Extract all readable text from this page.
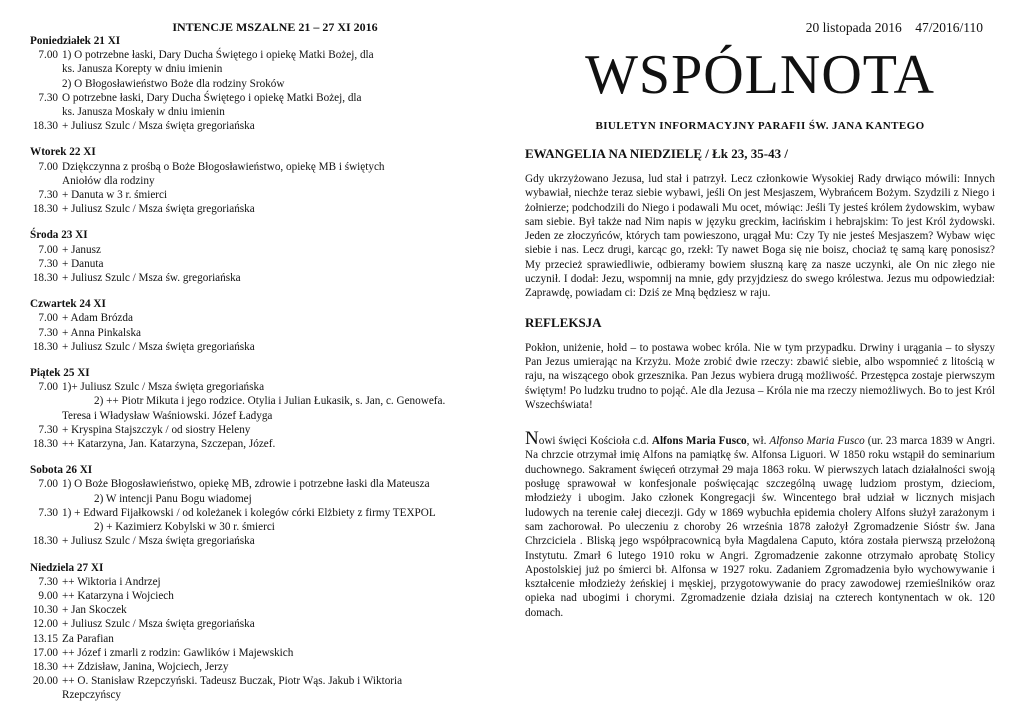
INTENCJE MSZALNE 21 – 27 XI 2016
Poniedziałek 21 XI
7.00 1) O potrzebne łaski, Dary Ducha Świętego i opiekę Matki Bożej, dla
ks. Janusza Korepty w dniu imienin
2) O Błogosławieństwo Boże dla rodziny Sroków
7.30 O potrzebne łaski, Dary Ducha Świętego i opiekę Matki Bożej, dla
ks. Janusza Moskały w dniu imienin
18.30 + Juliusz Szulc / Msza święta gregoriańska
Wtorek 22 XI
7.00 Dziękczynna z prośbą o Boże Błogosławieństwo, opiekę MB i świętych
Aniołów dla rodziny
7.30 + Danuta w 3 r. śmierci
18.30 + Juliusz Szulc / Msza święta gregoriańska
Środa 23 XI
7.00 + Janusz
7.30 + Danuta
18.30 + Juliusz Szulc / Msza św. gregoriańska
Czwartek 24 XI
7.00 + Adam Brózda
7.30 + Anna Pinkalska
18.30 + Juliusz Szulc / Msza święta gregoriańska
Piątek 25 XI
7.00 1)+ Juliusz Szulc / Msza święta gregoriańska
2) ++ Piotr Mikuta i jego rodzice. Otylia i Julian Łukasik, s. Jan, c. Genowefa.
Teresa i Władysław Waśniowski. Józef Ładyga
7.30 + Kryspina Stajszczyk / od siostry Heleny
18.30 ++ Katarzyna, Jan. Katarzyna, Szczepan, Józef.
Sobota 26 XI
7.00 1) O Boże Błogosławieństwo, opiekę MB, zdrowie i potrzebne łaski dla Mateusza
2) W intencji Panu Bogu wiadomej
7.30 1) + Edward Fijałkowski / od koleżanek i kolegów córki Elżbiety z firmy TEXPOL
2) + Kazimierz Kobylski w 30 r. śmierci
18.30 + Juliusz Szulc / Msza święta gregoriańska
Niedziela 27 XI
7.30 ++ Wiktoria i Andrzej
9.00 ++ Katarzyna i Wojciech
10.30 + Jan Skoczek
12.00 + Juliusz Szulc / Msza święta gregoriańska
13.15 Za Parafian
17.00 ++ Józef i zmarli z rodzin: Gawlików i Majewskich
18.30 ++ Zdzisław, Janina, Wojciech, Jerzy
20.00 ++ O. Stanisław Rzepczyński. Tadeusz Buczak, Piotr Wąs. Jakub i Wiktoria
Rzepczyńscy
20 listopada 2016 47/2016/110
WSPÓLNOTA
BIULETYN INFORMACYJNY PARAFII ŚW. JANA KANTEGO
EWANGELIA NA NIEDZIELĘ / Łk 23, 35-43 /
Gdy ukrzyżowano Jezusa, lud stał i patrzył. Lecz członkowie Wysokiej Rady drwiąco mówili: Innych wybawiał, niechże teraz siebie wybawi, jeśli On jest Mesjaszem, Wybrańcem Bożym. Szydzili z Niego i żołnierze; podchodzili do Niego i podawali Mu ocet, mówiąc: Jeśli Ty jesteś królem żydowskim, wybaw sam siebie. Był także nad Nim napis w języku greckim, łacińskim i hebrajskim: To jest Król żydowski. Jeden ze złoczyńców, których tam powieszono, urągał Mu: Czy Ty nie jesteś Mesjaszem? Wybaw więc siebie i nas. Lecz drugi, karcąc go, rzekł: Ty nawet Boga się nie boisz, chociaż tę samą karę ponosisz? My przecież sprawiedliwie, odbieramy bowiem słuszną karę za nasze uczynki, ale On nic złego nie uczynił. I dodał: Jezu, wspomnij na mnie, gdy przyjdziesz do swego królestwa. Jezus mu odpowiedział: Zaprawdę, powiadam ci: Dziś ze Mną będziesz w raju.
REFLEKSJA
Pokłon, uniżenie, hołd – to postawa wobec króla. Nie w tym przypadku. Drwiny i urągania – to słyszy Pan Jezus umierając na Krzyżu. Może zrobić dwie rzeczy: zbawić siebie, albo wspomnieć z litością w raju, na wiszącego obok grzesznika. Pan Jezus wybiera drugą możliwość. Przestępca zostaje pierwszym świętym! Po ludzku trudno to pojąć. Ale dla Jezusa – Króla nie ma rzeczy niemożliwych. Bo to jest Król Wszechświata!
Nowi święci Kościoła c.d. Alfons Maria Fusco, wł. Alfonso Maria Fusco (ur. 23 marca 1839 w Angri. Na chrzcie otrzymał imię Alfons na pamiątkę św. Alfonsa Liguori. W 1850 roku wstąpił do seminarium duchownego. Sakrament święceń otrzymał 29 maja 1863 roku. W pierwszych latach działalności swoją posługę sprawował w konfesjonale poświęcając szczególną uwagę ludziom prostym, dzieciom, młodzieży i ubogim. Jako członek Kongregacji św. Wincentego brał udział w licznych misjach ludowych na terenie całej diecezji. Gdy w 1869 wybuchła epidemia cholery Alfons służył zarażonym i sam zachorował. Po uleczeniu z choroby 26 września 1878 założył Zgromadzenie Sióstr św. Jana Chrzciciela . Bliską jego współpracownicą była Magdalena Caputo, która została pierwszą przełożoną Instytutu. Zmarł 6 lutego 1910 roku w Angri. Zgromadzenie zakonne otrzymało aprobatę Stolicy Apostolskiej już po śmierci bł. Alfonsa w 1927 roku. Zadaniem Zgromadzenia było wychowywanie i kształcenie młodzieży żeńskiej i męskiej, przygotowywanie do pracy zawodowej rzemieślników oraz opieka nad ubogimi i chorymi. Zgromadzenie działa dzisiaj na czterech kontynentach w ok. 120 domach.
